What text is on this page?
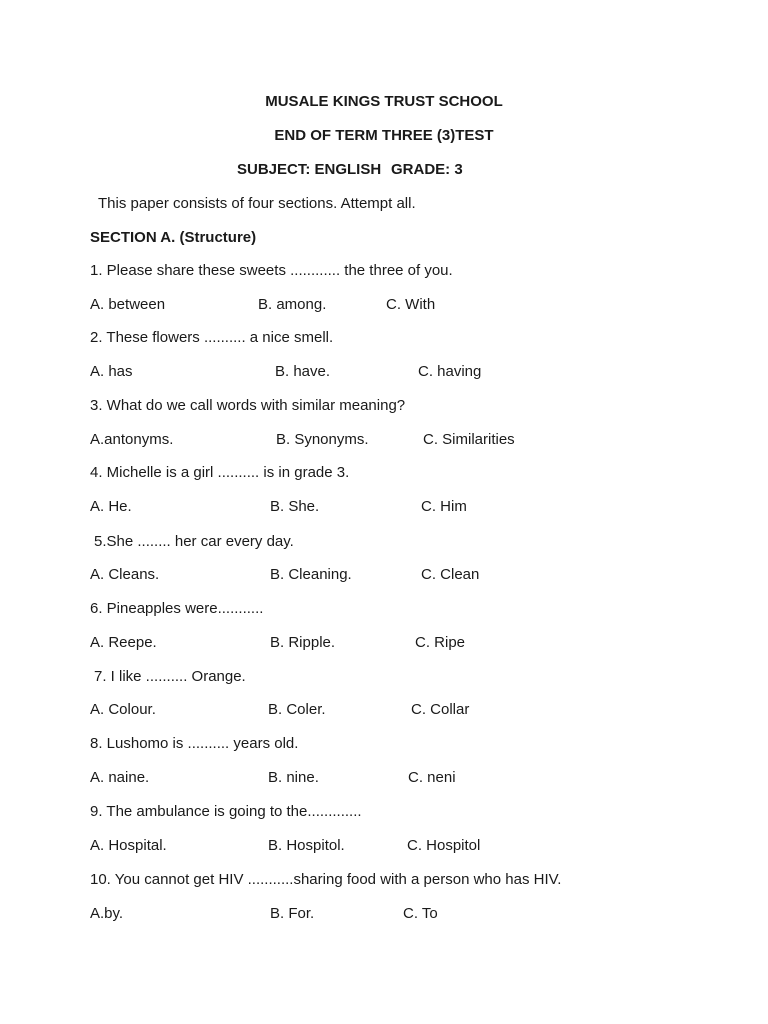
MUSALE KINGS TRUST SCHOOL
END OF TERM THREE (3)TEST
SUBJECT: ENGLISH GRADE: 3
This paper consists of four sections. Attempt all.
SECTION A. (Structure)
1. Please share these sweets ............ the three of you.
A. between	B. among.	C. With
2. These flowers .......... a nice smell.
A. has	B. have.	C. having
3. What do we call words with similar meaning?
A.antonyms.	B. Synonyms.	C. Similarities
4. Michelle is a girl .......... is in grade 3.
A. He.	B. She.	C. Him
5.She ........ her car every day.
A. Cleans.	B. Cleaning.	C. Clean
6. Pineapples were...........
A. Reepe.	B. Ripple.	C. Ripe
7. I like .......... Orange.
A. Colour.	B. Coler.	C. Collar
8. Lushomo is .......... years old.
A. naine.	B. nine.	C. neni
9. The ambulance is going to the.............
A. Hospital.	B. Hospitol.	C. Hospitol
10. You cannot get HIV ...........sharing food with a person who has HIV.
A.by.	B. For.	C. To
